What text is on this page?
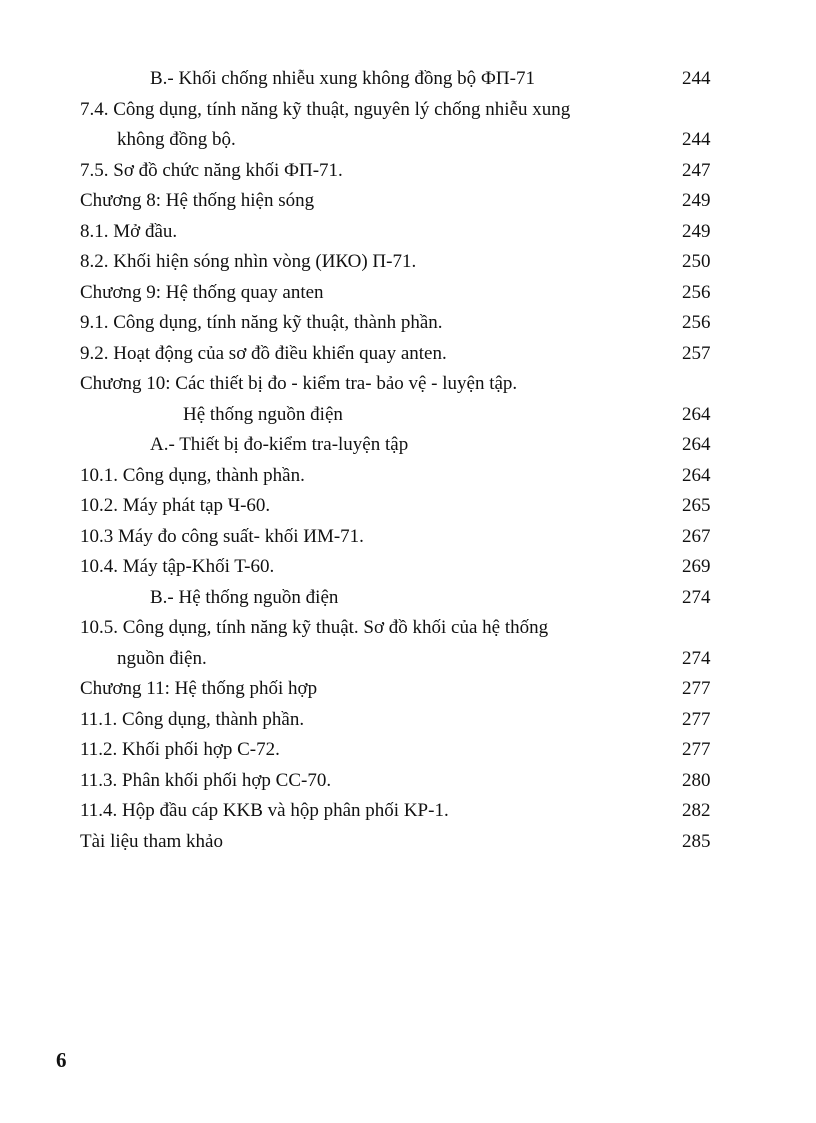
B.- Khối chống nhiễu xung không đồng bộ ФП-71	244
7.4. Công dụng, tính năng kỹ thuật, nguyên lý chống nhiễu xung
không đồng bộ.	244
7.5. Sơ đồ chức năng khối ФП-71.	247
Chương 8: Hệ thống hiện sóng	249
8.1. Mở đầu.	249
8.2. Khối hiện sóng nhìn vòng (ИКО) П-71.	250
Chương 9: Hệ thống quay anten	256
9.1. Công dụng, tính năng kỹ thuật, thành phần.	256
9.2. Hoạt động của sơ đồ điều khiển quay anten.	257
Chương 10: Các thiết bị đo - kiểm tra- bảo vệ - luyện tập.
Hệ thống nguồn điện	264
A.- Thiết bị đo-kiểm tra-luyện tập	264
10.1. Công dụng, thành phần.	264
10.2. Máy phát tạp Ч-60.	265
10.3 Máy đo công suất- khối ИМ-71.	267
10.4. Máy tập-Khối T-60.	269
B.- Hệ thống nguồn điện	274
10.5. Công dụng, tính năng kỹ thuật. Sơ đồ khối của hệ thống
nguồn điện.	274
Chương 11: Hệ thống phối hợp	277
11.1. Công dụng, thành phần.	277
11.2. Khối phối hợp C-72.	277
11.3. Phân khối phối hợp CC-70.	280
11.4. Hộp đầu cáp KKB và hộp phân phối KP-1.	282
Tài liệu tham khảo	285
6
